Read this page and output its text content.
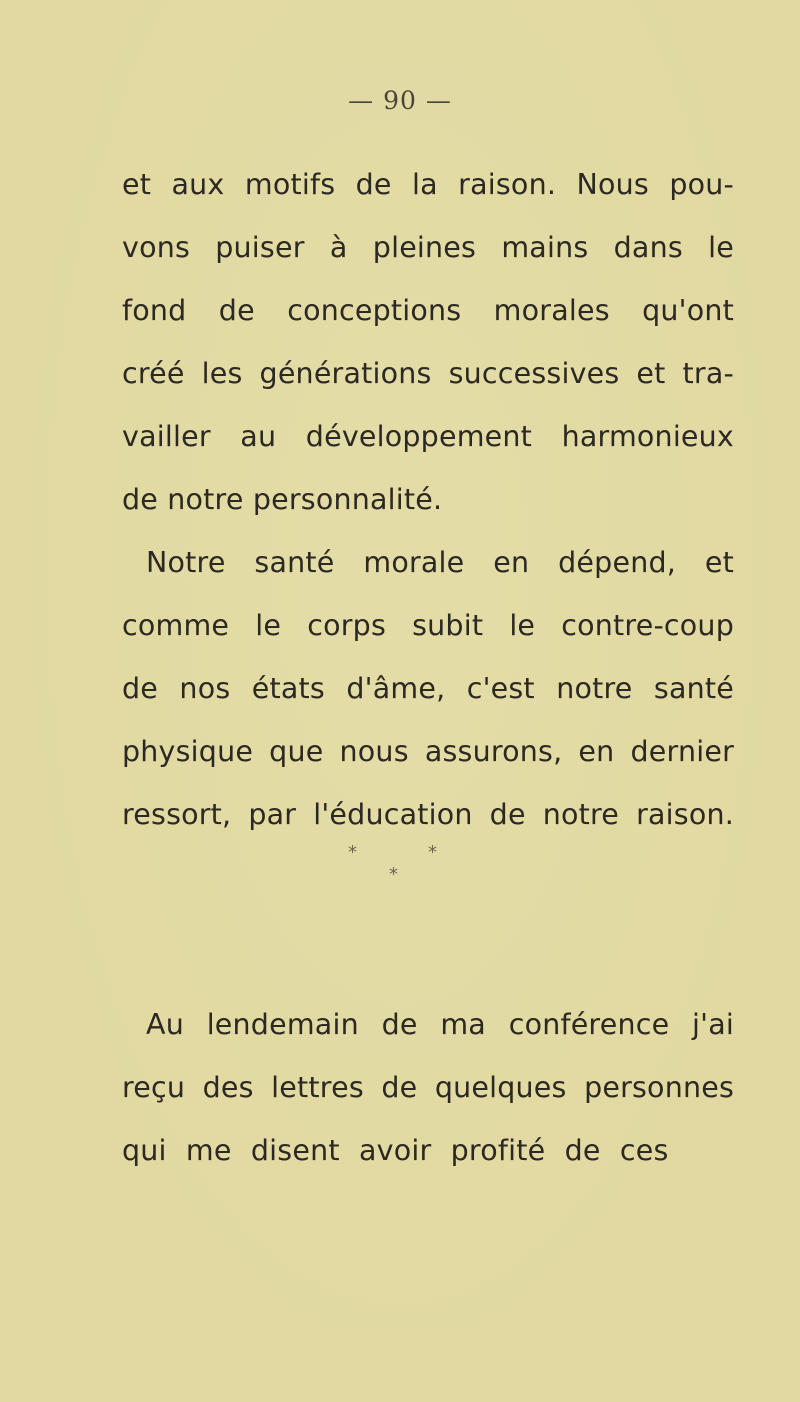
— 90 —
et aux motifs de la raison. Nous pou-
vons puiser à pleines mains dans le
fond de conceptions morales qu'ont
créé les générations successives et tra-
vailler au développement harmonieux
de notre personnalité.
Notre santé morale en dépend, et
comme le corps subit le contre-coup
de nos états d'âme, c'est notre santé
physique que nous assurons, en dernier
ressort, par l'éducation de notre raison.
*	*
*
Au lendemain de ma conférence j'ai
reçu des lettres de quelques personnes
qui me disent avoir profité de ces
